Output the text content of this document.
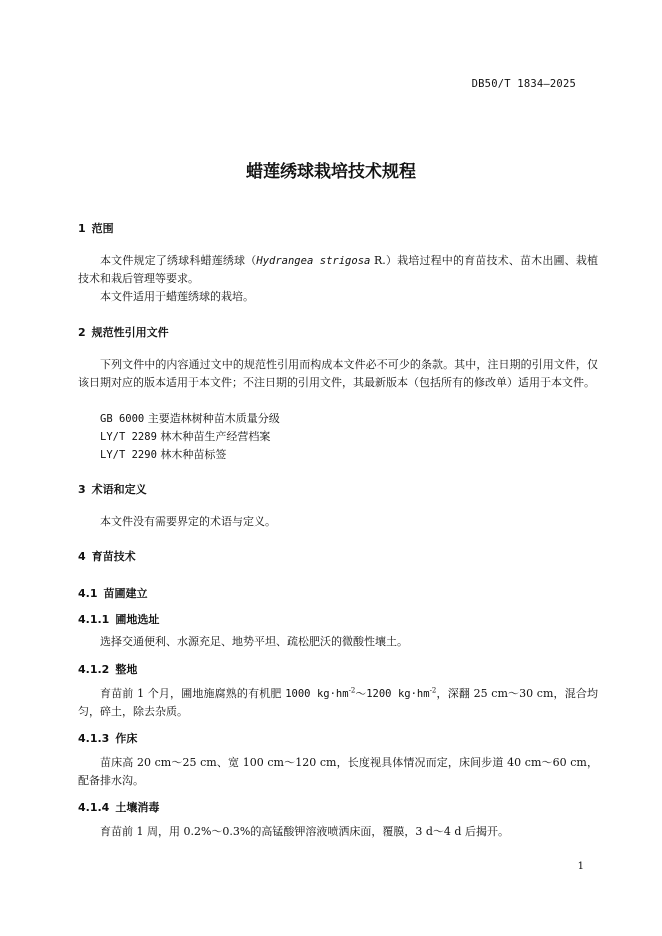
DB50/T 1834—2025
蜡莲绣球栽培技术规程
1 范围
本文件规定了绣球科蜡莲绣球（Hydrangea strigosa R.）栽培过程中的育苗技术、苗木出圃、栽植技术和栽后管理等要求。
本文件适用于蜡莲绣球的栽培。
2 规范性引用文件
下列文件中的内容通过文中的规范性引用而构成本文件必不可少的条款。其中，注日期的引用文件，仅该日期对应的版本适用于本文件；不注日期的引用文件，其最新版本（包括所有的修改单）适用于本文件。
GB 6000 主要造林树种苗木质量分级
LY/T 2289 林木种苗生产经营档案
LY/T 2290 林木种苗标签
3 术语和定义
本文件没有需要界定的术语与定义。
4 育苗技术
4.1 苗圃建立
4.1.1 圃地选址
选择交通便利、水源充足、地势平坦、疏松肥沃的微酸性壤土。
4.1.2 整地
育苗前 1 个月，圃地施腐熟的有机肥 1000 $kg\cdot hm^{-2}\sim 1200$ $kg\cdot hm^{-2}$，深翻 25 cm～30 cm，混合均匀，碎土，除去杂质。
4.1.3 作床
苗床高 20 cm～25 cm、宽 100 cm～120 cm，长度视具体情况而定，床间步道 40 cm～60 cm，配备排水沟。
4.1.4 土壤消毒
育苗前 1 周，用 0.2%～0.3%的高锰酸钾溶液喷洒床面，覆膜，3 d～4 d 后揭开。
1
